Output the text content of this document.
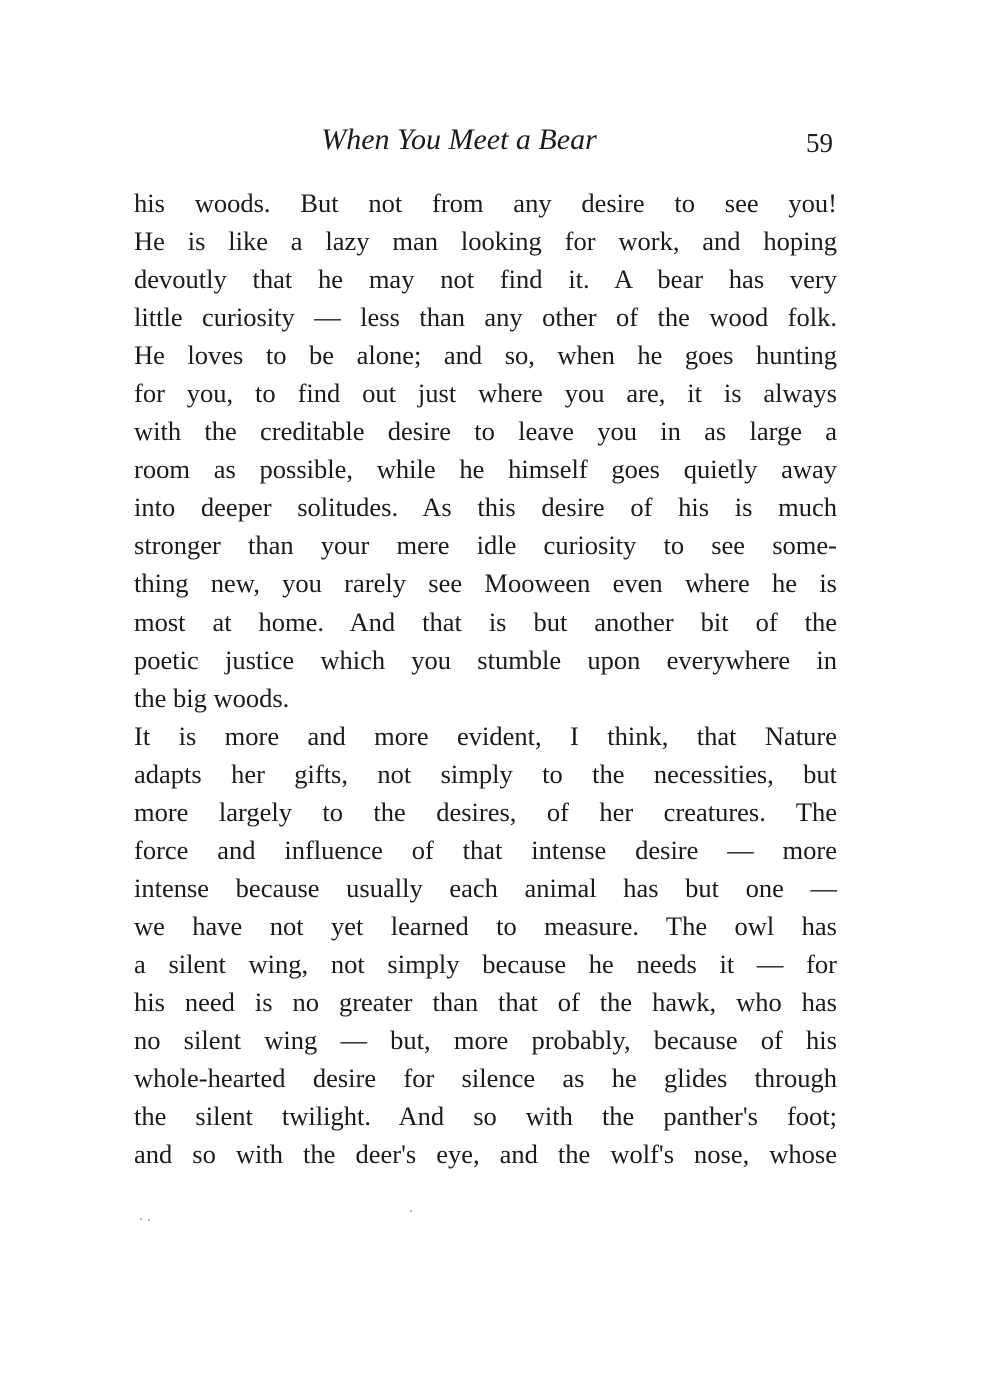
When You Meet a Bear	59
his woods. But not from any desire to see you!
He is like a lazy man looking for work, and hoping
devoutly that he may not find it. A bear has very
little curiosity — less than any other of the wood folk.
He loves to be alone; and so, when he goes hunting
for you, to find out just where you are, it is always
with the creditable desire to leave you in as large a
room as possible, while he himself goes quietly away
into deeper solitudes. As this desire of his is much
stronger than your mere idle curiosity to see some-
thing new, you rarely see Mooween even where he is
most at home. And that is but another bit of the
poetic justice which you stumble upon everywhere in
the big woods.
It is more and more evident, I think, that Nature
adapts her gifts, not simply to the necessities, but
more largely to the desires, of her creatures. The
force and influence of that intense desire — more
intense because usually each animal has but one —
we have not yet learned to measure. The owl has
a silent wing, not simply because he needs it — for
his need is no greater than that of the hawk, who has
no silent wing — but, more probably, because of his
whole-hearted desire for silence as he glides through
the silent twilight. And so with the panther's foot;
and so with the deer's eye, and the wolf's nose, whose
